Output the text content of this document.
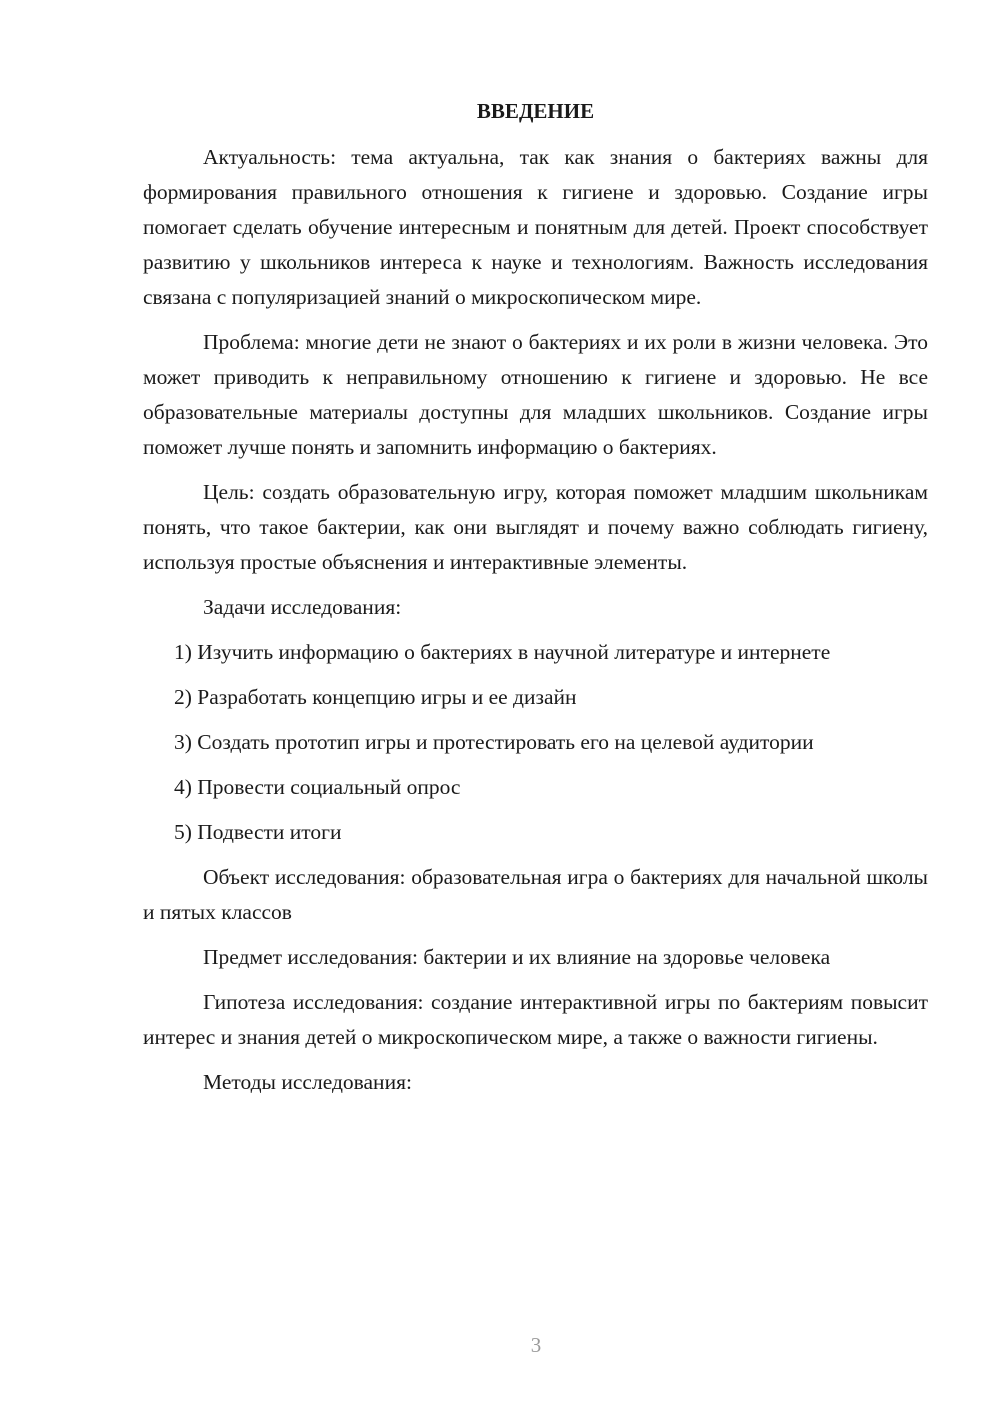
ВВЕДЕНИЕ

Актуальность: тема актуальна, так как знания о бактериях важны для формирования правильного отношения к гигиене и здоровью. Создание игры помогает сделать обучение интересным и понятным для детей. Проект способствует развитию у школьников интереса к науке и технологиям. Важность исследования связана с популяризацией знаний о микроскопическом мире.

Проблема: многие дети не знают о бактериях и их роли в жизни человека. Это может приводить к неправильному отношению к гигиене и здоровью. Не все образовательные материалы доступны для младших школьников. Создание игры поможет лучше понять и запомнить информацию о бактериях.

Цель: создать образовательную игру, которая поможет младшим школьникам понять, что такое бактерии, как они выглядят и почему важно соблюдать гигиену, используя простые объяснения и интерактивные элементы.

Задачи исследования:

1) Изучить информацию о бактериях в научной литературе и интернете

2) Разработать концепцию игры и ее дизайн

3) Создать прототип игры и протестировать его на целевой аудитории

4) Провести социальный опрос

5) Подвести итоги

Объект исследования: образовательная игра о бактериях для начальной школы и пятых классов

Предмет исследования: бактерии и их влияние на здоровье человека

Гипотеза исследования: создание интерактивной игры по бактериям повысит интерес и знания детей о микроскопическом мире, а также о важности гигиены.

Методы исследования:

3
